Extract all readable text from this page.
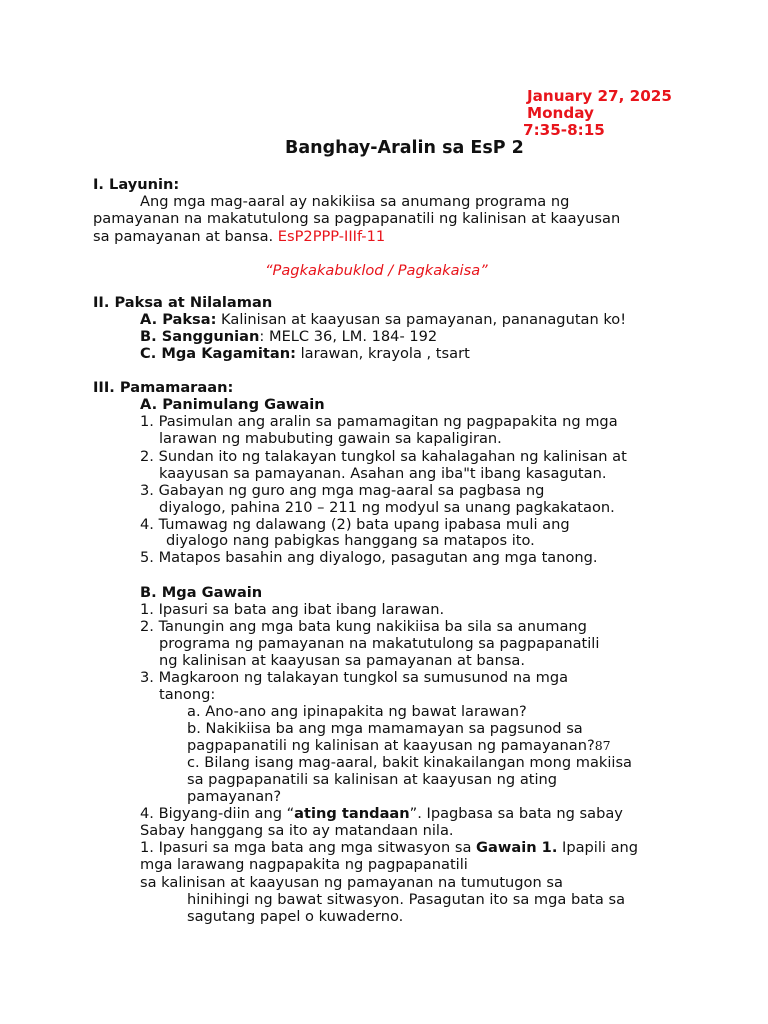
January 27, 2025
Monday
7:35-8:15
Banghay-Aralin sa EsP 2
I. Layunin:
Ang mga mag-aaral ay nakikiisa sa anumang programa ng
pamayanan na makatutulong sa pagpapanatili ng kalinisan at kaayusan
sa pamayanan at bansa. EsP2PPP-IIIf-11
“Pagkakabuklod / Pagkakaisa”
II. Paksa at Nilalaman
A. Paksa: Kalinisan at kaayusan sa pamayanan, pananagutan ko!
B. Sanggunian: MELC 36, LM. 184- 192
C. Mga Kagamitan: larawan, krayola , tsart
III. Pamamaraan:
A. Panimulang Gawain
1. Pasimulan ang aralin sa pamamagitan ng pagpapakita ng mga
larawan ng mabubuting gawain sa kapaligiran.
2. Sundan ito ng talakayan tungkol sa kahalagahan ng kalinisan at
kaayusan sa pamayanan. Asahan ang iba"t ibang kasagutan.
3. Gabayan ng guro ang mga mag-aaral sa pagbasa ng
diyalogo, pahina 210 – 211 ng modyul sa unang pagkakataon.
4. Tumawag ng dalawang (2) bata upang ipabasa muli ang
diyalogo nang pabigkas hanggang sa matapos ito.
5. Matapos basahin ang diyalogo, pasagutan ang mga tanong.
B. Mga Gawain
1. Ipasuri sa bata ang ibat ibang larawan.
2. Tanungin ang mga bata kung nakikiisa ba sila sa anumang
programa ng pamayanan na makatutulong sa pagpapanatili
ng kalinisan at kaayusan sa pamayanan at bansa.
3. Magkaroon ng talakayan tungkol sa sumusunod na mga
tanong:
a. Ano-ano ang ipinapakita ng bawat larawan?
b. Nakikiisa ba ang mga mamamayan sa pagsunod sa
pagpapanatili ng kalinisan at kaayusan ng pamayanan?87
c. Bilang isang mag-aaral, bakit kinakailangan mong makiisa
sa pagpapanatili sa kalinisan at kaayusan ng ating
pamayanan?
4. Bigyang-diin ang “ating tandaan”. Ipagbasa sa bata ng sabay
Sabay hanggang sa ito ay matandaan nila.
1. Ipasuri sa mga bata ang mga sitwasyon sa Gawain 1. Ipapili ang
mga larawang nagpapakita ng pagpapanatili
sa kalinisan at kaayusan ng pamayanan na tumutugon sa
hinihingi ng bawat sitwasyon. Pasagutan ito sa mga bata sa
sagutang papel o kuwaderno.
